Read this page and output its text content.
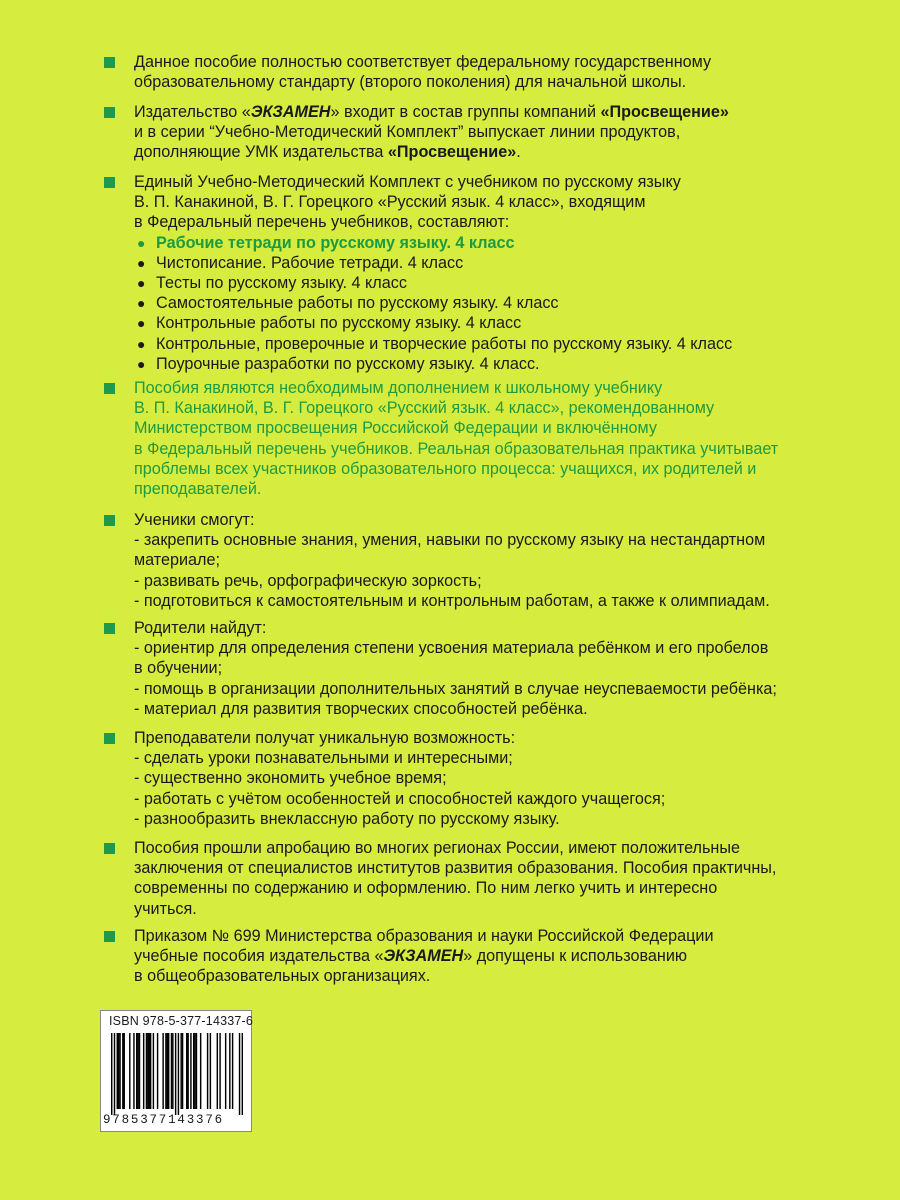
Данное пособие полностью соответствует федеральному государственному
образовательному стандарту (второго поколения) для начальной школы.
Издательство «ЭКЗАМЕН» входит в состав группы компаний «Просвещение»
и в серии “Учебно-Методический Комплект” выпускает линии продуктов,
дополняющие УМК издательства «Просвещение».
Единый Учебно-Методический Комплект с учебником по русскому языку
В. П. Канакиной, В. Г. Горецкого «Русский язык. 4 класс», входящим
в Федеральный перечень учебников, составляют:
● Рабочие тетради по русскому языку. 4 класс
● Чистописание. Рабочие тетради. 4 класс
● Тесты по русскому языку. 4 класс
● Самостоятельные работы по русскому языку. 4 класс
● Контрольные работы по русскому языку. 4 класс
● Контрольные, проверочные и творческие работы по русскому языку. 4 класс
● Поурочные разработки по русскому языку. 4 класс.
Пособия являются необходимым дополнением к школьному учебнику
В. П. Канакиной, В. Г. Горецкого «Русский язык. 4 класс», рекомендованному
Министерством просвещения Российской Федерации и включённому
в Федеральный перечень учебников. Реальная образовательная практика учитывает
проблемы всех участников образовательного процесса: учащихся, их родителей и
преподавателей.
Ученики смогут:
- закрепить основные знания, умения, навыки по русскому языку на нестандартном
материале;
- развивать речь, орфографическую зоркость;
- подготовиться к самостоятельным и контрольным работам, а также к олимпиадам.
Родители найдут:
- ориентир для определения степени усвоения материала ребёнком и его пробелов
в обучении;
- помощь в организации дополнительных занятий в случае неуспеваемости ребёнка;
- материал для развития творческих способностей ребёнка.
Преподаватели получат уникальную возможность:
- сделать уроки познавательными и интересными;
- существенно экономить учебное время;
- работать с учётом особенностей и способностей каждого учащегося;
- разнообразить внеклассную работу по русскому языку.
Пособия прошли апробацию во многих регионах России, имеют положительные
заключения от специалистов институтов развития образования. Пособия практичны,
современны по содержанию и оформлению. По ним легко учить и интересно
учиться.
Приказом № 699 Министерства образования и науки Российской Федерации
учебные пособия издательства «ЭКЗАМЕН» допущены к использованию
в общеобразовательных организациях.
ISBN 978-5-377-14337-6
9785377143376
